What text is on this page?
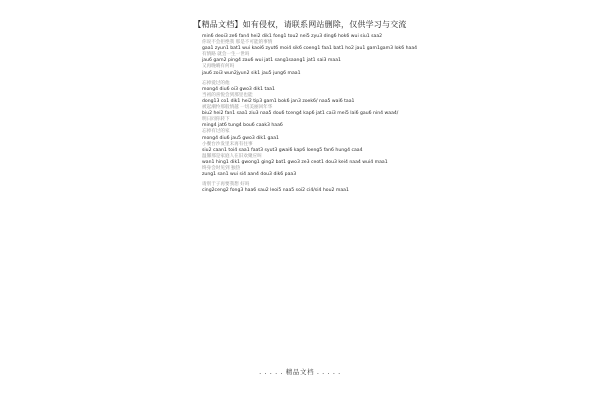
【精品文档】如有侵权，请联系网站删除，仅供学习与交流
min6 deoi3 ze6 fan4 hei2 dik1 fong1 tou2 nei5 zyu3 ding6 hok6 wui siu1 saa2
你说不会拒绝我 那是不可能的事情
gaa1 zyun1 bat1 wui kaoi6 zyut6 moi4 sik6 coeng1 faa1 bat1 ho2 jau1 gam1gam3 lok6 haa4
有情路 就会一生一世吗
jau6 gam2 ping4 zau6 wui jat1 sang1saang1 jat1 sai3 maa1
又再晚晴有何吗
jau6 zoi3 wun2jyun2 sik1 jau5 jung6 maa1
忘掉爱过的他
mong4 diu6 oi3 gwo3 dik1 taa1
当初的喜悦会到那里也能
dong13 co1 dik1 hei2 tip3 gam1 bok6 jan3 zoek6/ naa5 wai6 taa1
被起潮怜那般情越 一切美丽回年华
biu2 hei2 fan1 saa1 ziu3 naa5 dou6 tceng4 kap6 jat1 cai3 mei5 lai6 gau6 nin4 waa4/
明日同你转下
ming4 jat6 tung4 bou6 caak3 haa6
忘掉有过的家
mong4 diu6 jau5 gwo3 dik1 gaa1
小餐台沙发里未再有往事
siu2 caan1 toi4 saa1 faat3 syut3 gwai6 kap6 loeng5 fan6 hung4 caa4
温馨那是家庭人在旧欢聚应叫
wan1 hing1 dik1 gwong1 ging2 bat1 gwo3 ze3 ceot1 dou3 kei4 naa4 wui4 maa1
终身会时见到 独热
zung1 san1 wui si4 aan4 dou3 dik6 paa3
请别于子再要我想 好吗
cing2ceng2 fong3 haa6 sau2 leoi5 naa5 soi2 ci4/si4 hou2 maa1
. . . . . 精品文档 . . . . .
